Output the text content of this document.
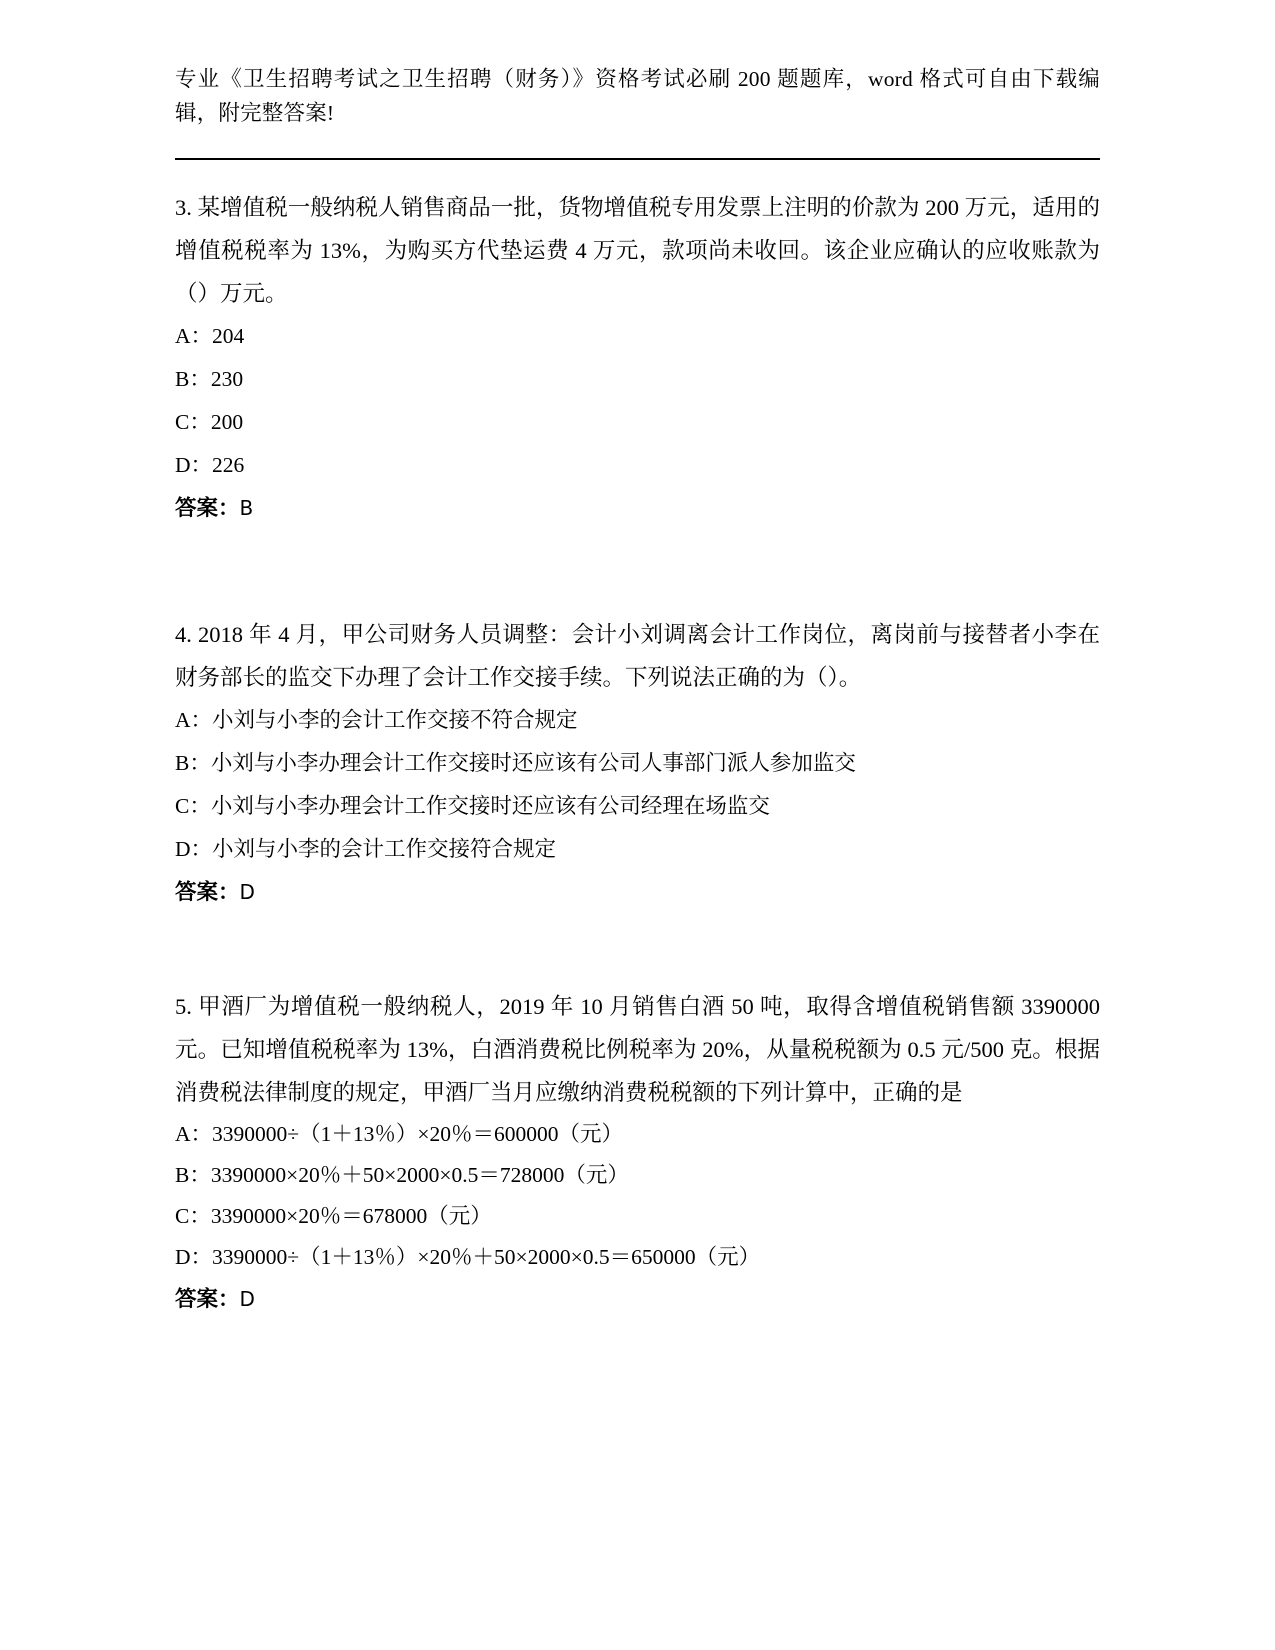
专业《卫生招聘考试之卫生招聘（财务）》资格考试必刷 200 题题库，word 格式可自由下载编辑，附完整答案!
3. 某增值税一般纳税人销售商品一批，货物增值税专用发票上注明的价款为 200 万元，适用的增值税税率为 13%，为购买方代垫运费 4 万元，款项尚未收回。该企业应确认的应收账款为（）万元。
A：204
B：230
C：200
D：226
答案：B
4. 2018 年 4 月，甲公司财务人员调整：会计小刘调离会计工作岗位，离岗前与接替者小李在财务部长的监交下办理了会计工作交接手续。下列说法正确的为（）。
A：小刘与小李的会计工作交接不符合规定
B：小刘与小李办理会计工作交接时还应该有公司人事部门派人参加监交
C：小刘与小李办理会计工作交接时还应该有公司经理在场监交
D：小刘与小李的会计工作交接符合规定
答案：D
5. 甲酒厂为增值税一般纳税人，2019 年 10 月销售白酒 50 吨，取得含增值税销售额 3390000 元。已知增值税税率为 13%，白酒消费税比例税率为 20%，从量税税额为 0.5 元/500 克。根据消费税法律制度的规定，甲酒厂当月应缴纳消费税税额的下列计算中，正确的是
A：3390000÷（1＋13％）×20％＝600000（元）
B：3390000×20％＋50×2000×0.5＝728000（元）
C：3390000×20％＝678000（元）
D：3390000÷（1＋13％）×20％＋50×2000×0.5＝650000（元）
答案：D
